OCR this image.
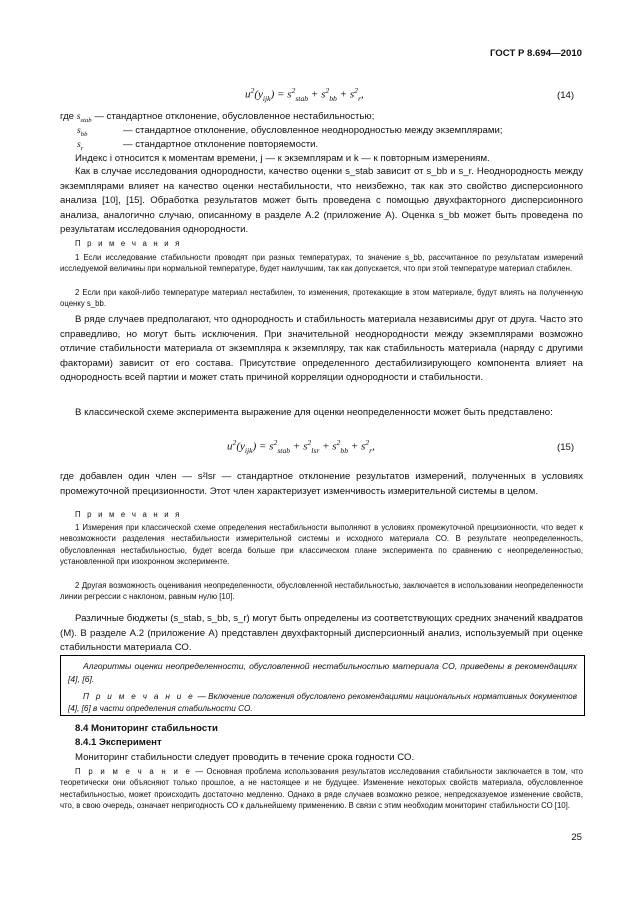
ГОСТ Р 8.694—2010
$u^2(y_{ijk}) = s^2_{stab} + s^2_{bb} + s^2_r$,	(14)
где $s_{stab}$ — стандартное отклонение, обусловленное нестабильностью;
$s_{bb}$	— стандартное отклонение, обусловленное неоднородностью между экземплярами;
$s_r$	— стандартное отклонение повторяемости.
Индекс i относится к моментам времени, j — к экземплярам и k — к повторным измерениям.
Как в случае исследования однородности, качество оценки s_stab зависит от s_bb и s_r. Неоднородность между экземплярами влияет на качество оценки нестабильности, что неизбежно, так как это свойство дисперсионного анализа [10], [15]. Обработка результатов может быть проведена с помощью двухфакторного дисперсионного анализа, аналогично случаю, описанному в разделе А.2 (приложение А). Оценка s_bb может быть проведена по результатам исследования однородности.
П р и м е ч а н и я
1 Если исследование стабильности проводят при разных температурах, то значение s_bb, рассчитанное по результатам измерений исследуемой величины при нормальной температуре, будет наилучшим, так как допускается, что при этой температуре материал стабилен.
2 Если при какой-либо температуре материал нестабилен, то изменения, протекающие в этом материале, будут влиять на полученную оценку s_bb.
В ряде случаев предполагают, что однородность и стабильность материала независимы друг от друга. Часто это справедливо, но могут быть исключения. При значительной неоднородности между экземплярами возможно отличие стабильности материала от экземпляра к экземпляру, так как стабильность материала (наряду с другими факторами) зависит от его состава. Присутствие определенного дестабилизирующего компонента влияет на однородность всей партии и может стать причиной корреляции однородности и стабильности.
В классической схеме эксперимента выражение для оценки неопределенности может быть представлено:
$u^2(y_{ijk}) = s^2_{stab} + s^2_{lsr} + s^2_{bb} + s^2_r$,	(15)
где добавлен один член — s²lsr — стандартное отклонение результатов измерений, полученных в условиях промежуточной прецизионности. Этот член характеризует изменчивость измерительной системы в целом.
П р и м е ч а н и я
1 Измерения при классической схеме определения нестабильности выполняют в условиях промежуточной прецизионности, что ведет к невозможности разделения нестабильности измерительной системы и исходного материала СО. В результате неопределенность, обусловленная нестабильностью, будет всегда больше при классическом плане эксперимента по сравнению с неопределенностью, установленной при изохронном эксперименте.
2 Другая возможность оценивания неопределенности, обусловленной нестабильностью, заключается в использовании неопределенности линии регрессии с наклоном, равным нулю [10].
Различные бюджеты (s_stab, s_bb, s_r) могут быть определены из соответствующих средних значений квадратов (M). В разделе А.2 (приложение А) представлен двухфакторный дисперсионный анализ, используемый при оценке стабильности материала СО.
Алгоритмы оценки неопределенности, обусловленной нестабильностью материала СО, приведены в рекомендациях [4], [6].
П р и м е ч а н и е — Включение положения обусловлено рекомендациями национальных нормативных документов [4], [6] в части определения стабильности СО.
8.4 Мониторинг стабильности
8.4.1 Эксперимент
Мониторинг стабильности следует проводить в течение срока годности СО.
П р и м е ч а н и е — Основная проблема использования результатов исследования стабильности заключается в том, что теоретически они объясняют только прошлое, а не настоящее и не будущее. Изменение некоторых свойств материала, обусловленное нестабильностью, может происходить достаточно медленно. Однако в ряде случаев возможно резкое, непредсказуемое изменение свойств, что, в свою очередь, означает непригодность СО к дальнейшему применению. В связи с этим необходим мониторинг стабильности СО [10].
25
